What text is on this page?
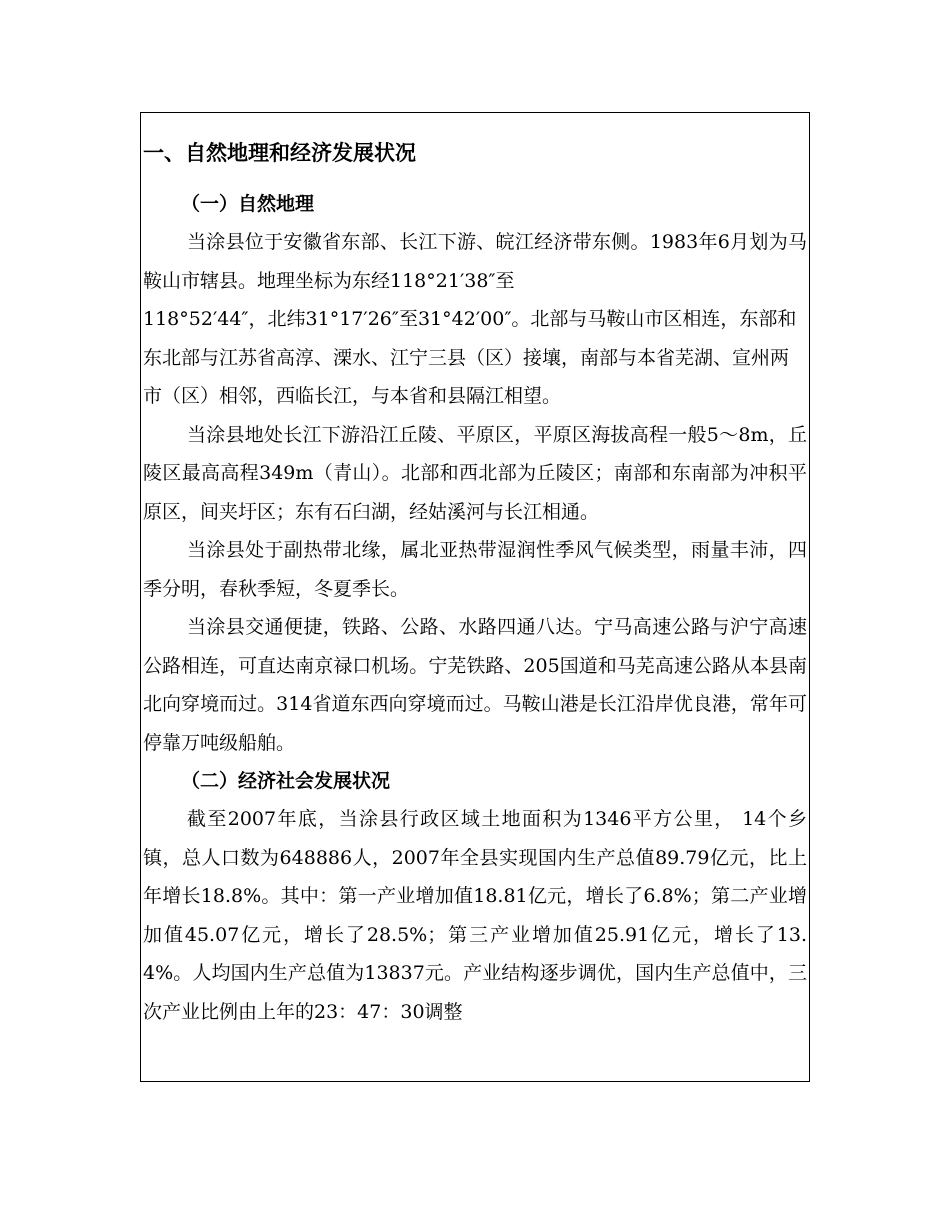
一、自然地理和经济发展状况
（一）自然地理

当涂县位于安徽省东部、长江下游、皖江经济带东侧。1983年6月划为马鞍山市辖县。地理坐标为东经118°21′38″至

118°52′44″，北纬31°17′26″至31°42′00″。北部与马鞍山市区相连，东部和东北部与江苏省高淳、溧水、江宁三县（区）接壤，南部与本省芜湖、宣州两市（区）相邻，西临长江，与本省和县隔江相望。

当涂县地处长江下游沿江丘陵、平原区，平原区海拔高程一般5～8m，丘陵区最高高程349m（青山）。北部和西北部为丘陵区；南部和东南部为冲积平原区，间夹圩区；东有石臼湖，经姑溪河与长江相通。

当涂县处于副热带北缘，属北亚热带湿润性季风气候类型，雨量丰沛，四季分明，春秋季短，冬夏季长。

当涂县交通便捷，铁路、公路、水路四通八达。宁马高速公路与沪宁高速公路相连，可直达南京禄口机场。宁芜铁路、205国道和马芜高速公路从本县南北向穿境而过。314省道东西向穿境而过。马鞍山港是长江沿岸优良港，常年可停靠万吨级船舶。

（二）经济社会发展状况

截至2007年底，当涂县行政区域土地面积为1346平方公里， 14个乡镇，总人口数为648886人，2007年全县实现国内生产总值89.79亿元，比上年增长18.8%。其中：第一产业增加值18.81亿元，增长了6.8%；第二产业增加值45.07亿元，增长了28.5%；第三产业增加值25.91亿元，增长了13.4%。人均国内生产总值为13837元。产业结构逐步调优，国内生产总值中，三次产业比例由上年的23：47：30调整
